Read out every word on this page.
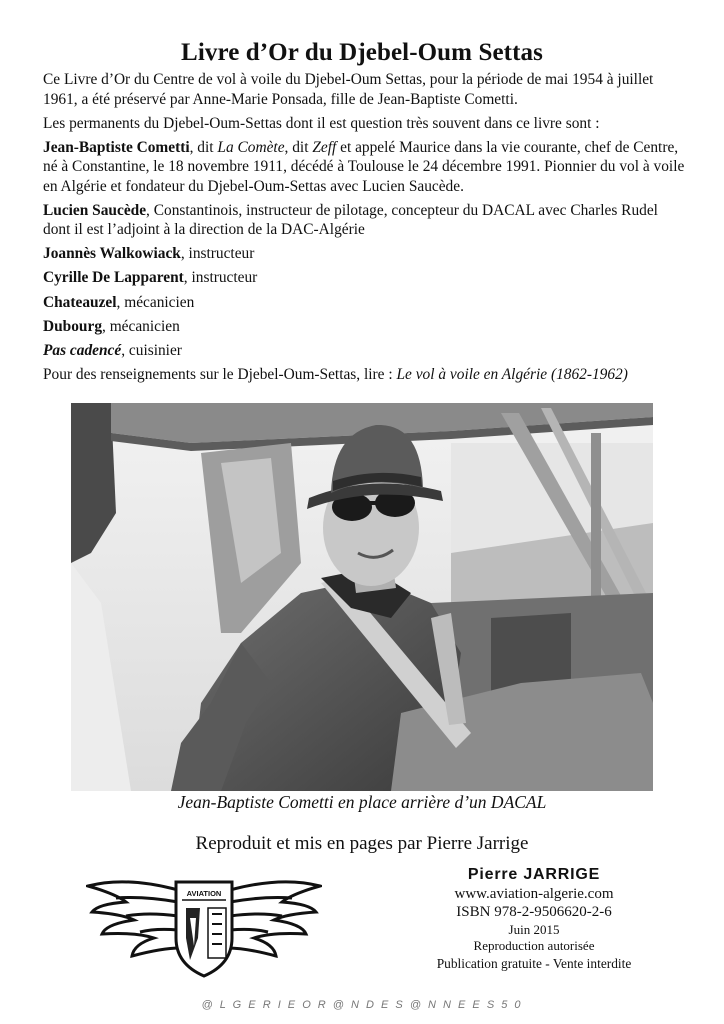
Livre d’Or du Djebel-Oum Settas

Ce Livre d’Or du Centre de vol à voile du Djebel-Oum Settas, pour la période de mai 1954 à juillet 1961, a été préservé par Anne-Marie Ponsada, fille de Jean-Baptiste Cometti.

Les permanents du Djebel-Oum-Settas dont il est question très souvent dans ce livre sont :

Jean-Baptiste Cometti, dit La Comète, dit Zeff et appelé Maurice dans la vie courante, chef de Centre, né à Constantine, le 18 novembre 1911, décédé à Toulouse le 24 décembre 1991. Pionnier du vol à voile en Algérie et fondateur du Djebel-Oum-Settas avec Lucien Saucède.

Lucien Saucède, Constantinois, instructeur de pilotage, concepteur du DACAL avec Charles Rudel dont il est l’adjoint à la direction de la DAC-Algérie

Joannès Walkowiack, instructeur

Cyrille De Lapparent, instructeur

Chateauzel, mécanicien

Dubourg, mécanicien

Pas cadencé, cuisinier

Pour des renseignements sur le Djebel-Oum-Settas, lire : Le vol à voile en Algérie (1862-1962)

Jean-Baptiste Cometti en place arrière d’un DACAL
Reproduit et mis en pages par Pierre Jarrige
AVIATION
Pierre JARRIGE
www.aviation-algerie.com
ISBN 978-2-9506620-2-6
Juin 2015
Reproduction autorisée
Publication gratuite - Vente interdite
@ L G E R I E O R @ N D E S @ N N E E S 5 0
